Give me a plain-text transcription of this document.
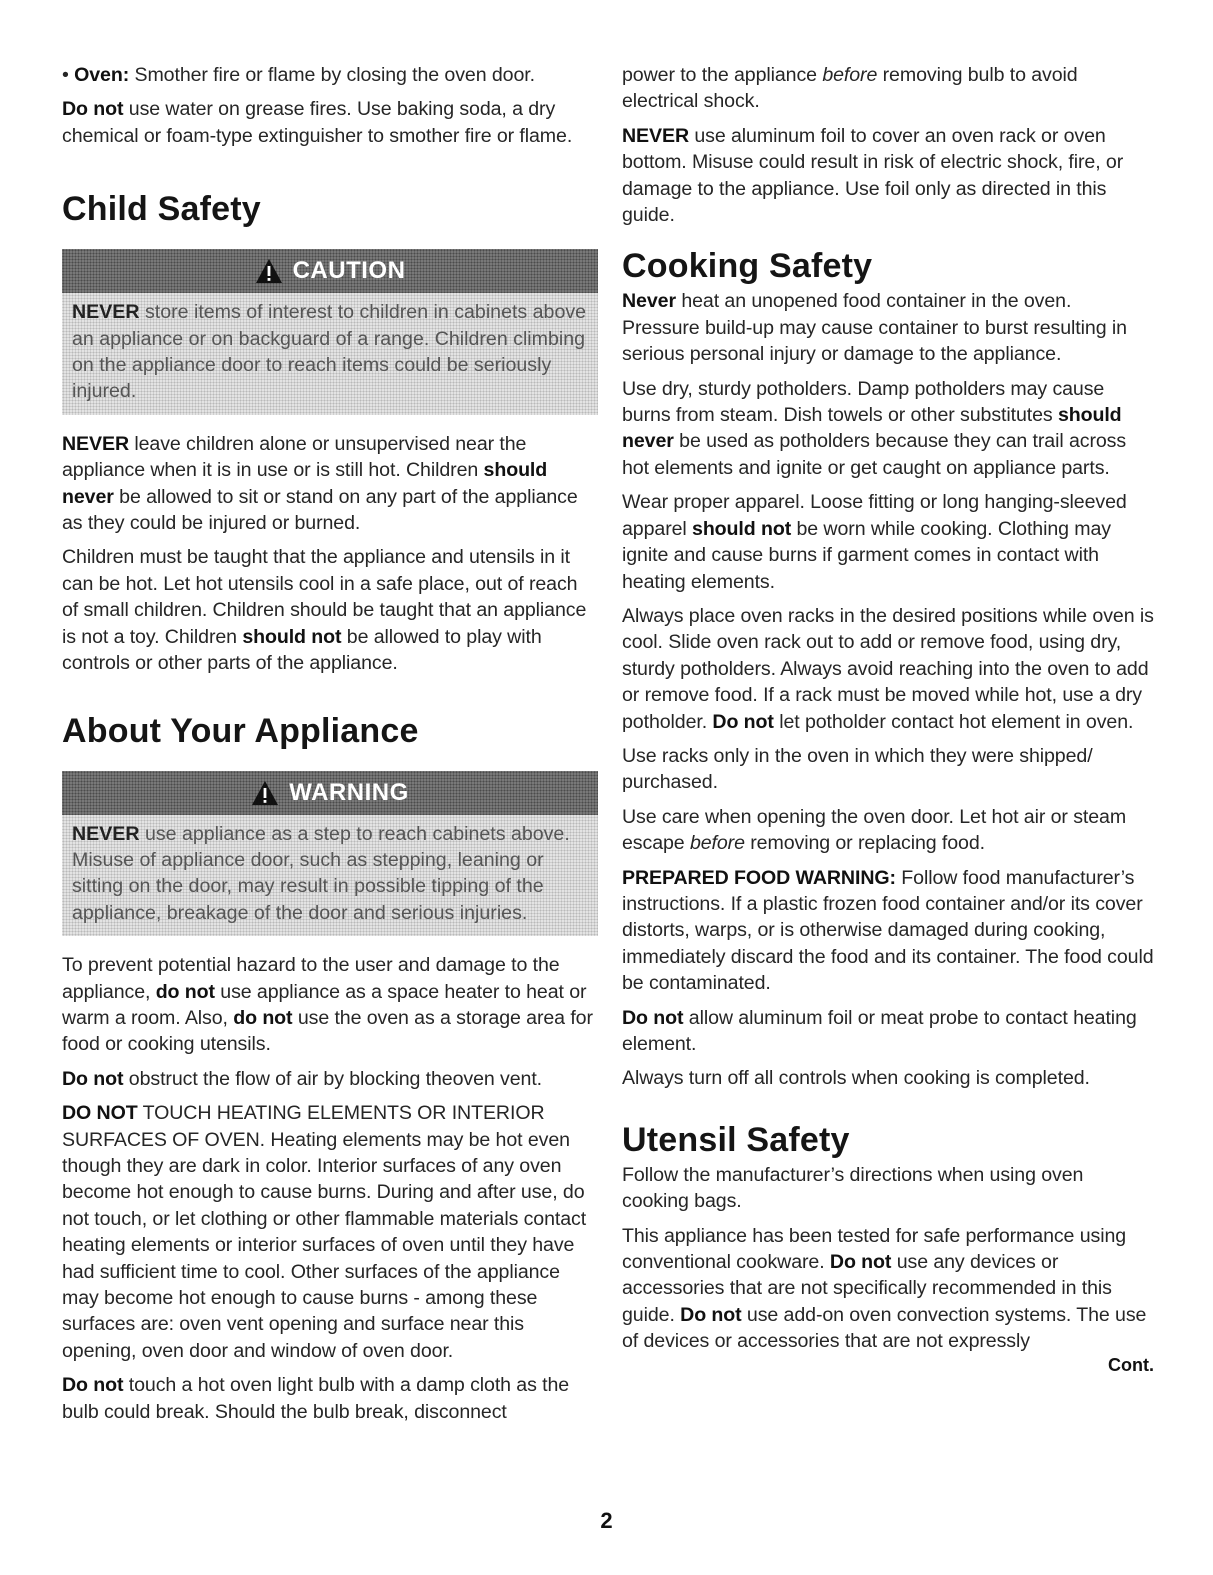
• Oven: Smother fire or flame by closing the oven door.

Do not use water on grease fires. Use baking soda, a dry chemical or foam-type extinguisher to smother fire or flame.

Child Safety
CAUTION
NEVER store items of interest to children in cabinets above an appliance or on backguard of a range. Children climbing on the appliance door to reach items could be seriously injured.

NEVER leave children alone or unsupervised near the appliance when it is in use or is still hot. Children should never be allowed to sit or stand on any part of the appliance as they could be injured or burned.

Children must be taught that the appliance and utensils in it can be hot. Let hot utensils cool in a safe place, out of reach of small children. Children should be taught that an appliance is not a toy. Children should not be allowed to play with controls or other parts of the appliance.

About Your Appliance
WARNING
NEVER use appliance as a step to reach cabinets above. Misuse of appliance door, such as stepping, leaning or sitting on the door, may result in possible tipping of the appliance, breakage of the door and serious injuries.

To prevent potential hazard to the user and damage to the appliance, do not use appliance as a space heater to heat or warm a room. Also, do not use the oven as a storage area for food or cooking utensils.

Do not obstruct the flow of air by blocking theoven vent.

DO NOT TOUCH HEATING ELEMENTS OR INTERIOR SURFACES OF OVEN. Heating elements may be hot even though they are dark in color. Interior surfaces of any oven become hot enough to cause burns. During and after use, do not touch, or let clothing or other flammable materials contact heating elements or interior surfaces of oven until they have had sufficient time to cool. Other surfaces of the appliance may become hot enough to cause burns - among these surfaces are: oven vent opening and surface near this opening, oven door and window of oven door.

Do not touch a hot oven light bulb with a damp cloth as the bulb could break. Should the bulb break, disconnect

power to the appliance before removing bulb to avoid electrical shock.

NEVER use aluminum foil to cover an oven rack or oven bottom. Misuse could result in risk of electric shock, fire, or damage to the appliance. Use foil only as directed in this guide.

Cooking Safety

Never heat an unopened food container in the oven. Pressure build-up may cause container to burst resulting in serious personal injury or damage to the appliance.

Use dry, sturdy potholders. Damp potholders may cause burns from steam. Dish towels or other substitutes should never be used as potholders because they can trail across hot elements and ignite or get caught on appliance parts.

Wear proper apparel. Loose fitting or long hanging-sleeved apparel should not be worn while cooking. Clothing may ignite and cause burns if garment comes in contact with heating elements.

Always place oven racks in the desired positions while oven is cool. Slide oven rack out to add or remove food, using dry, sturdy potholders. Always avoid reaching into the oven to add or remove food. If a rack must be moved while hot, use a dry potholder. Do not let potholder contact hot element in oven.

Use racks only in the oven in which they were shipped/ purchased.

Use care when opening the oven door. Let hot air or steam escape before removing or replacing food.

PREPARED FOOD WARNING: Follow food manufacturer’s instructions. If a plastic frozen food container and/or its cover distorts, warps, or is otherwise damaged during cooking, immediately discard the food and its container. The food could be contaminated.

Do not allow aluminum foil or meat probe to contact heating element.

Always turn off all controls when cooking is completed.

Utensil Safety

Follow the manufacturer’s directions when using oven cooking bags.

This appliance has been tested for safe performance using conventional cookware. Do not use any devices or accessories that are not specifically recommended in this guide. Do not use add-on oven convection systems. The use of devices or accessories that are not expressly

Cont.
2
